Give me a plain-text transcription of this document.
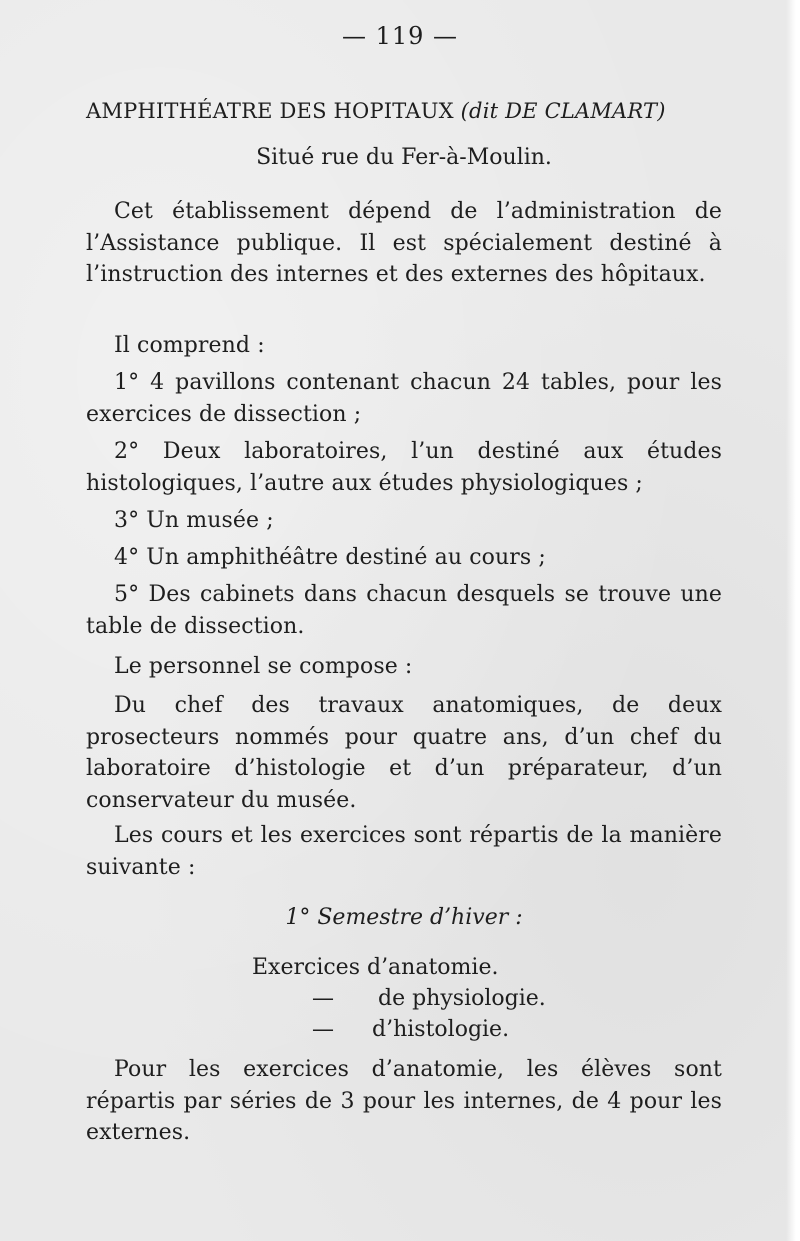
— 119 —
AMPHITHÉATRE DES HOPITAUX (dit DE CLAMART)
Situé rue du Fer-à-Moulin.

Cet établissement dépend de l’administration de l’Assistance publique. Il est spécialement destiné à l’instruction des internes et des externes des hôpitaux.

Il comprend :

1° 4 pavillons contenant chacun 24 tables, pour les exercices de dissection ;

2° Deux laboratoires, l’un destiné aux études histologiques, l’autre aux études physiologiques ;

3° Un musée ;

4° Un amphithéâtre destiné au cours ;

5° Des cabinets dans chacun desquels se trouve une table de dissection.

Le personnel se compose :

Du chef des travaux anatomiques, de deux prosecteurs nommés pour quatre ans, d’un chef du laboratoire d’histologie et d’un préparateur, d’un conservateur du musée.

Les cours et les exercices sont répartis de la manière suivante :

1° Semestre d’hiver :
Exercices d’anatomie.
— de physiologie.
— d’histologie.

Pour les exercices d’anatomie, les élèves sont répartis par séries de 3 pour les internes, de 4 pour les externes.
